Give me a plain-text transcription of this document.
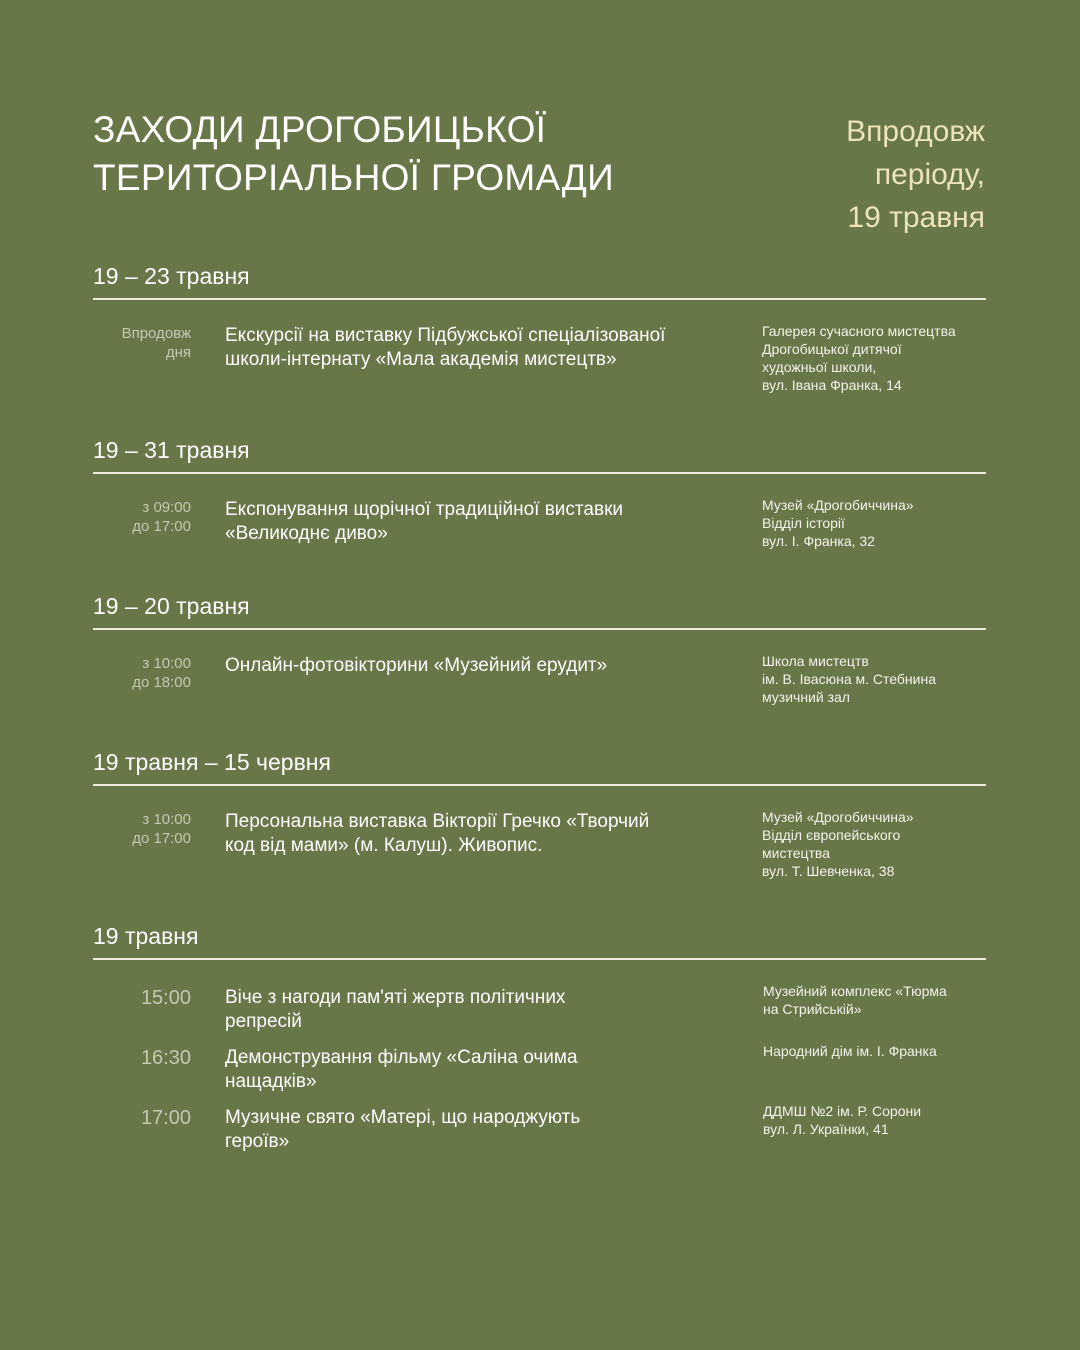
ЗАХОДИ ДРОГОБИЦЬКОЇ
ТЕРИТОРІАЛЬНОЇ ГРОМАДИ
Впродовж
періоду,
19 травня
19 – 23 травня
Впродовж
дня
Екскурсії на виставку Підбужської спеціалізованої
школи-інтернату «Мала академія мистецтв»
Галерея сучасного мистецтва
Дрогобицької дитячої
художньої школи,
вул. Івана Франка, 14
19 – 31 травня
з 09:00
до 17:00
Експонування щорічної традиційної виставки
«Великоднє диво»
Музей «Дрогобиччина»
Відділ історії
вул. І. Франка, 32
19 – 20 травня
з 10:00
до 18:00
Онлайн-фотовікторини «Музейний ерудит»	Школа мистецтв
ім. В. Івасюна м. Стебнина
музичний зал
19 травня – 15 червня
з 10:00
до 17:00
Персональна виставка Вікторії Гречко «Творчий
код від мами» (м. Калуш). Живопис.
Музей «Дрогобиччина»
Відділ європейського
мистецтва
вул. Т. Шевченка, 38
19 травня
15:00 Віче з нагоди пам'яті жертв політичних
репресій
Музейний комплекс «Тюрма
на Стрийській»
16:30 Демонстрування фільму «Саліна очима
нащадків»
Народний дім ім. І. Франка
17:00 Музичне свято «Матері, що народжують
героїв»
ДДМШ №2 ім. Р. Сорони
вул. Л. Українки, 41
